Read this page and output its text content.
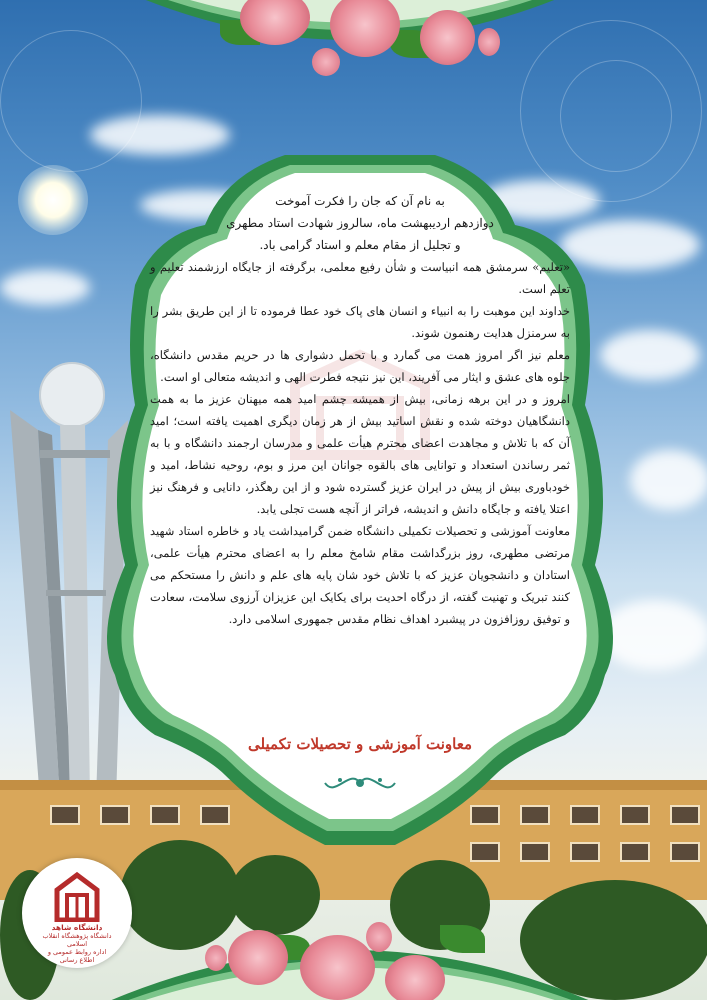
به نام آن که جان را فکرت آموخت

دوازدهم اردیبهشت ماه، سالروز شهادت استاد مطهری

و تجلیل از مقام معلم و استاد گرامی باد.

«تعلیم» سرمشق همه انبیاست و شأن رفیع معلمی، برگرفته از جایگاه ارزشمند تعلیم و تعلم است.

خداوند این موهبت را به انبیاء و انسان های پاک خود عطا فرموده تا از این طریق بشر را به سرمنزل هدایت رهنمون شوند.

معلم نیز اگر امروز همت می گمارد و با تحمل دشواری ها در حریم مقدس دانشگاه، جلوه های عشق و ایثار می آفریند، این نیز نتیجه فطرت الهی و اندیشه متعالی او است.

امروز و در این برهه زمانی، بیش از همیشه چشم امید همه میهنان عزیز ما به همت دانشگاهیان دوخته شده و نقش اساتید بیش از هر زمان دیگری اهمیت یافته است؛ امید آن که با تلاش و مجاهدت اعضای محترم هیأت علمی و مدرسان ارجمند دانشگاه و با به ثمر رساندن استعداد و توانایی های بالقوه جوانان این مرز و بوم، روحیه نشاط، امید و خودباوری بیش از پیش در ایران عزیز گسترده شود و از این رهگذر، دانایی و فرهنگ نیز اعتلا یافته و جایگاه دانش و اندیشه، فراتر از آنچه هست تجلی یابد.

معاونت آموزشی و تحصیلات تکمیلی دانشگاه ضمن گرامیداشت یاد و خاطره استاد شهید مرتضی مطهری، روز بزرگداشت مقام شامخ معلم را به اعضای محترم هیأت علمی، استادان و دانشجویان عزیز که با تلاش خود شان پایه های علم و دانش را مستحکم می کنند تبریک و تهنیت گفته، از درگاه احدیت برای یکایک این عزیزان آرزوی سلامت، سعادت و توفیق روزافزون در پیشبرد اهداف نظام مقدس جمهوری اسلامی دارد.

معاونت آموزشی و تحصیلات تکمیلی
دانشگاه شاهد
دانشگاه پژوهشگاه انقلاب اسلامی
اداره روابط عمومی و اطلاع رسانی
